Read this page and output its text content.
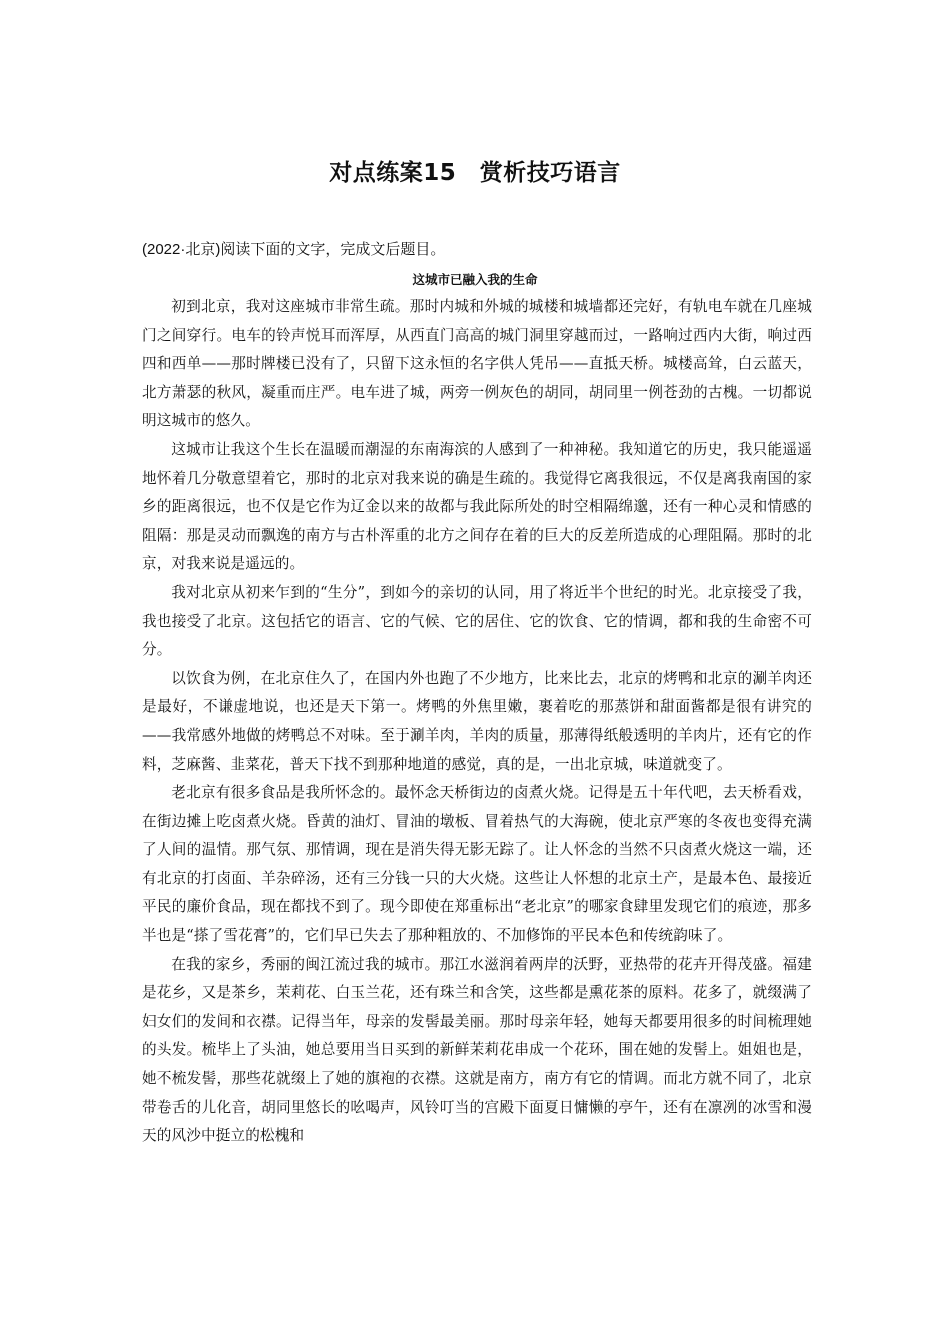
对点练案15　赏析技巧语言

(2022·北京)阅读下面的文字，完成文后题目。

这城市已融入我的生命

初到北京，我对这座城市非常生疏。那时内城和外城的城楼和城墙都还完好，有轨电车就在几座城门之间穿行。电车的铃声悦耳而浑厚，从西直门高高的城门洞里穿越而过，一路响过西内大街，响过西四和西单——那时牌楼已没有了，只留下这永恒的名字供人凭吊——直抵天桥。城楼高耸，白云蓝天，北方萧瑟的秋风，凝重而庄严。电车进了城，两旁一例灰色的胡同，胡同里一例苍劲的古槐。一切都说明这城市的悠久。

这城市让我这个生长在温暖而潮湿的东南海滨的人感到了一种神秘。我知道它的历史，我只能遥遥地怀着几分敬意望着它，那时的北京对我来说的确是生疏的。我觉得它离我很远，不仅是离我南国的家乡的距离很远，也不仅是它作为辽金以来的故都与我此际所处的时空相隔绵邈，还有一种心灵和情感的阻隔：那是灵动而飘逸的南方与古朴浑重的北方之间存在着的巨大的反差所造成的心理阻隔。那时的北京，对我来说是遥远的。

我对北京从初来乍到的“生分”，到如今的亲切的认同，用了将近半个世纪的时光。北京接受了我，我也接受了北京。这包括它的语言、它的气候、它的居住、它的饮食、它的情调，都和我的生命密不可分。

以饮食为例，在北京住久了，在国内外也跑了不少地方，比来比去，北京的烤鸭和北京的涮羊肉还是最好，不谦虚地说，也还是天下第一。烤鸭的外焦里嫩，裹着吃的那蒸饼和甜面酱都是很有讲究的——我常感外地做的烤鸭总不对味。至于涮羊肉，羊肉的质量，那薄得纸般透明的羊肉片，还有它的作料，芝麻酱、韭菜花，普天下找不到那种地道的感觉，真的是，一出北京城，味道就变了。

老北京有很多食品是我所怀念的。最怀念天桥街边的卤煮火烧。记得是五十年代吧，去天桥看戏，在街边摊上吃卤煮火烧。昏黄的油灯、冒油的墩板、冒着热气的大海碗，使北京严寒的冬夜也变得充满了人间的温情。那气氛、那情调，现在是消失得无影无踪了。让人怀念的当然不只卤煮火烧这一端，还有北京的打卤面、羊杂碎汤，还有三分钱一只的大火烧。这些让人怀想的北京土产，是最本色、最接近平民的廉价食品，现在都找不到了。现今即使在郑重标出“老北京”的哪家食肆里发现它们的痕迹，那多半也是“搽了雪花膏”的，它们早已失去了那种粗放的、不加修饰的平民本色和传统韵味了。

在我的家乡，秀丽的闽江流过我的城市。那江水滋润着两岸的沃野，亚热带的花卉开得茂盛。福建是花乡，又是茶乡，茉莉花、白玉兰花，还有珠兰和含笑，这些都是熏花茶的原料。花多了，就缀满了妇女们的发间和衣襟。记得当年，母亲的发髻最美丽。那时母亲年轻，她每天都要用很多的时间梳理她的头发。梳毕上了头油，她总要用当日买到的新鲜茉莉花串成一个花环，围在她的发髻上。姐姐也是，她不梳发髻，那些花就缀上了她的旗袍的衣襟。这就是南方，南方有它的情调。而北方就不同了，北京带卷舌的儿化音，胡同里悠长的吆喝声，风铃叮当的宫殿下面夏日慵懒的亭午，还有在凛冽的冰雪和漫天的风沙中挺立的松槐和
